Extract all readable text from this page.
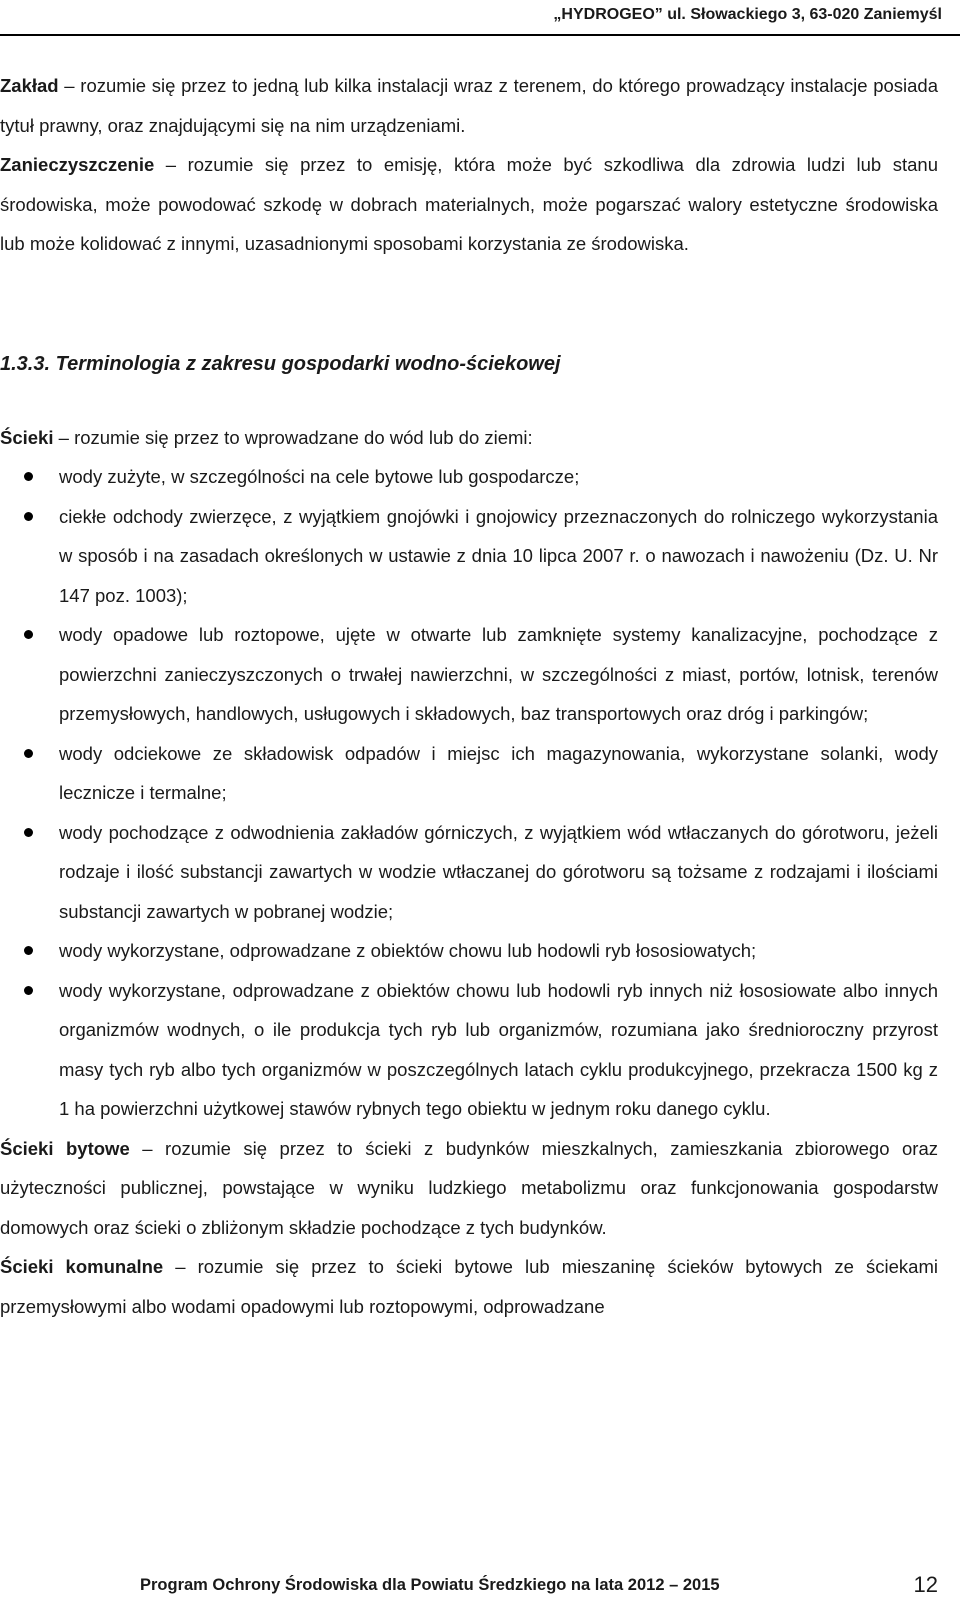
„HYDROGEO” ul. Słowackiego 3, 63-020 Zaniemyśl

Zakład – rozumie się przez to jedną lub kilka instalacji wraz z terenem, do którego prowadzący instalacje posiada tytuł prawny, oraz znajdującymi się na nim urządzeniami.

Zanieczyszczenie – rozumie się przez to emisję, która może być szkodliwa dla zdrowia ludzi lub stanu środowiska, może powodować szkodę w dobrach materialnych, może pogarszać walory estetyczne środowiska lub może kolidować z innymi, uzasadnionymi sposobami korzystania ze środowiska.

1.3.3. Terminologia z zakresu gospodarki wodno-ściekowej

Ścieki – rozumie się przez to wprowadzane do wód lub do ziemi:

wody zużyte, w szczególności na cele bytowe lub gospodarcze;
ciekłe odchody zwierzęce, z wyjątkiem gnojówki i gnojowicy przeznaczonych do rolniczego wykorzystania w sposób i na zasadach określonych w ustawie z dnia 10 lipca 2007 r. o nawozach i nawożeniu (Dz. U. Nr 147 poz. 1003);
wody opadowe lub roztopowe, ujęte w otwarte lub zamknięte systemy kanalizacyjne, pochodzące z powierzchni zanieczyszczonych o trwałej nawierzchni, w szczególności z miast, portów, lotnisk, terenów przemysłowych, handlowych, usługowych i składowych, baz transportowych oraz dróg i parkingów;
wody odciekowe ze składowisk odpadów i miejsc ich magazynowania, wykorzystane solanki, wody lecznicze i termalne;
wody pochodzące z odwodnienia zakładów górniczych, z wyjątkiem wód wtłaczanych do górotworu, jeżeli rodzaje i ilość substancji zawartych w wodzie wtłaczanej do górotworu są tożsame z rodzajami i ilościami substancji zawartych w pobranej wodzie;
wody wykorzystane, odprowadzane z obiektów chowu lub hodowli ryb łososiowatych;
wody wykorzystane, odprowadzane z obiektów chowu lub hodowli ryb innych niż łososiowate albo innych organizmów wodnych, o ile produkcja tych ryb lub organizmów, rozumiana jako średnioroczny przyrost masy tych ryb albo tych organizmów w poszczególnych latach cyklu produkcyjnego, przekracza 1500 kg z 1 ha powierzchni użytkowej stawów rybnych tego obiektu w jednym roku danego cyklu.

Ścieki bytowe – rozumie się przez to ścieki z budynków mieszkalnych, zamieszkania zbiorowego oraz użyteczności publicznej, powstające w wyniku ludzkiego metabolizmu oraz funkcjonowania gospodarstw domowych oraz ścieki o zbliżonym składzie pochodzące z tych budynków.

Ścieki komunalne – rozumie się przez to ścieki bytowe lub mieszaninę ścieków bytowych ze ściekami przemysłowymi albo wodami opadowymi lub roztopowymi, odprowadzane

Program Ochrony Środowiska dla Powiatu Średzkiego na lata 2012 – 2015	12
